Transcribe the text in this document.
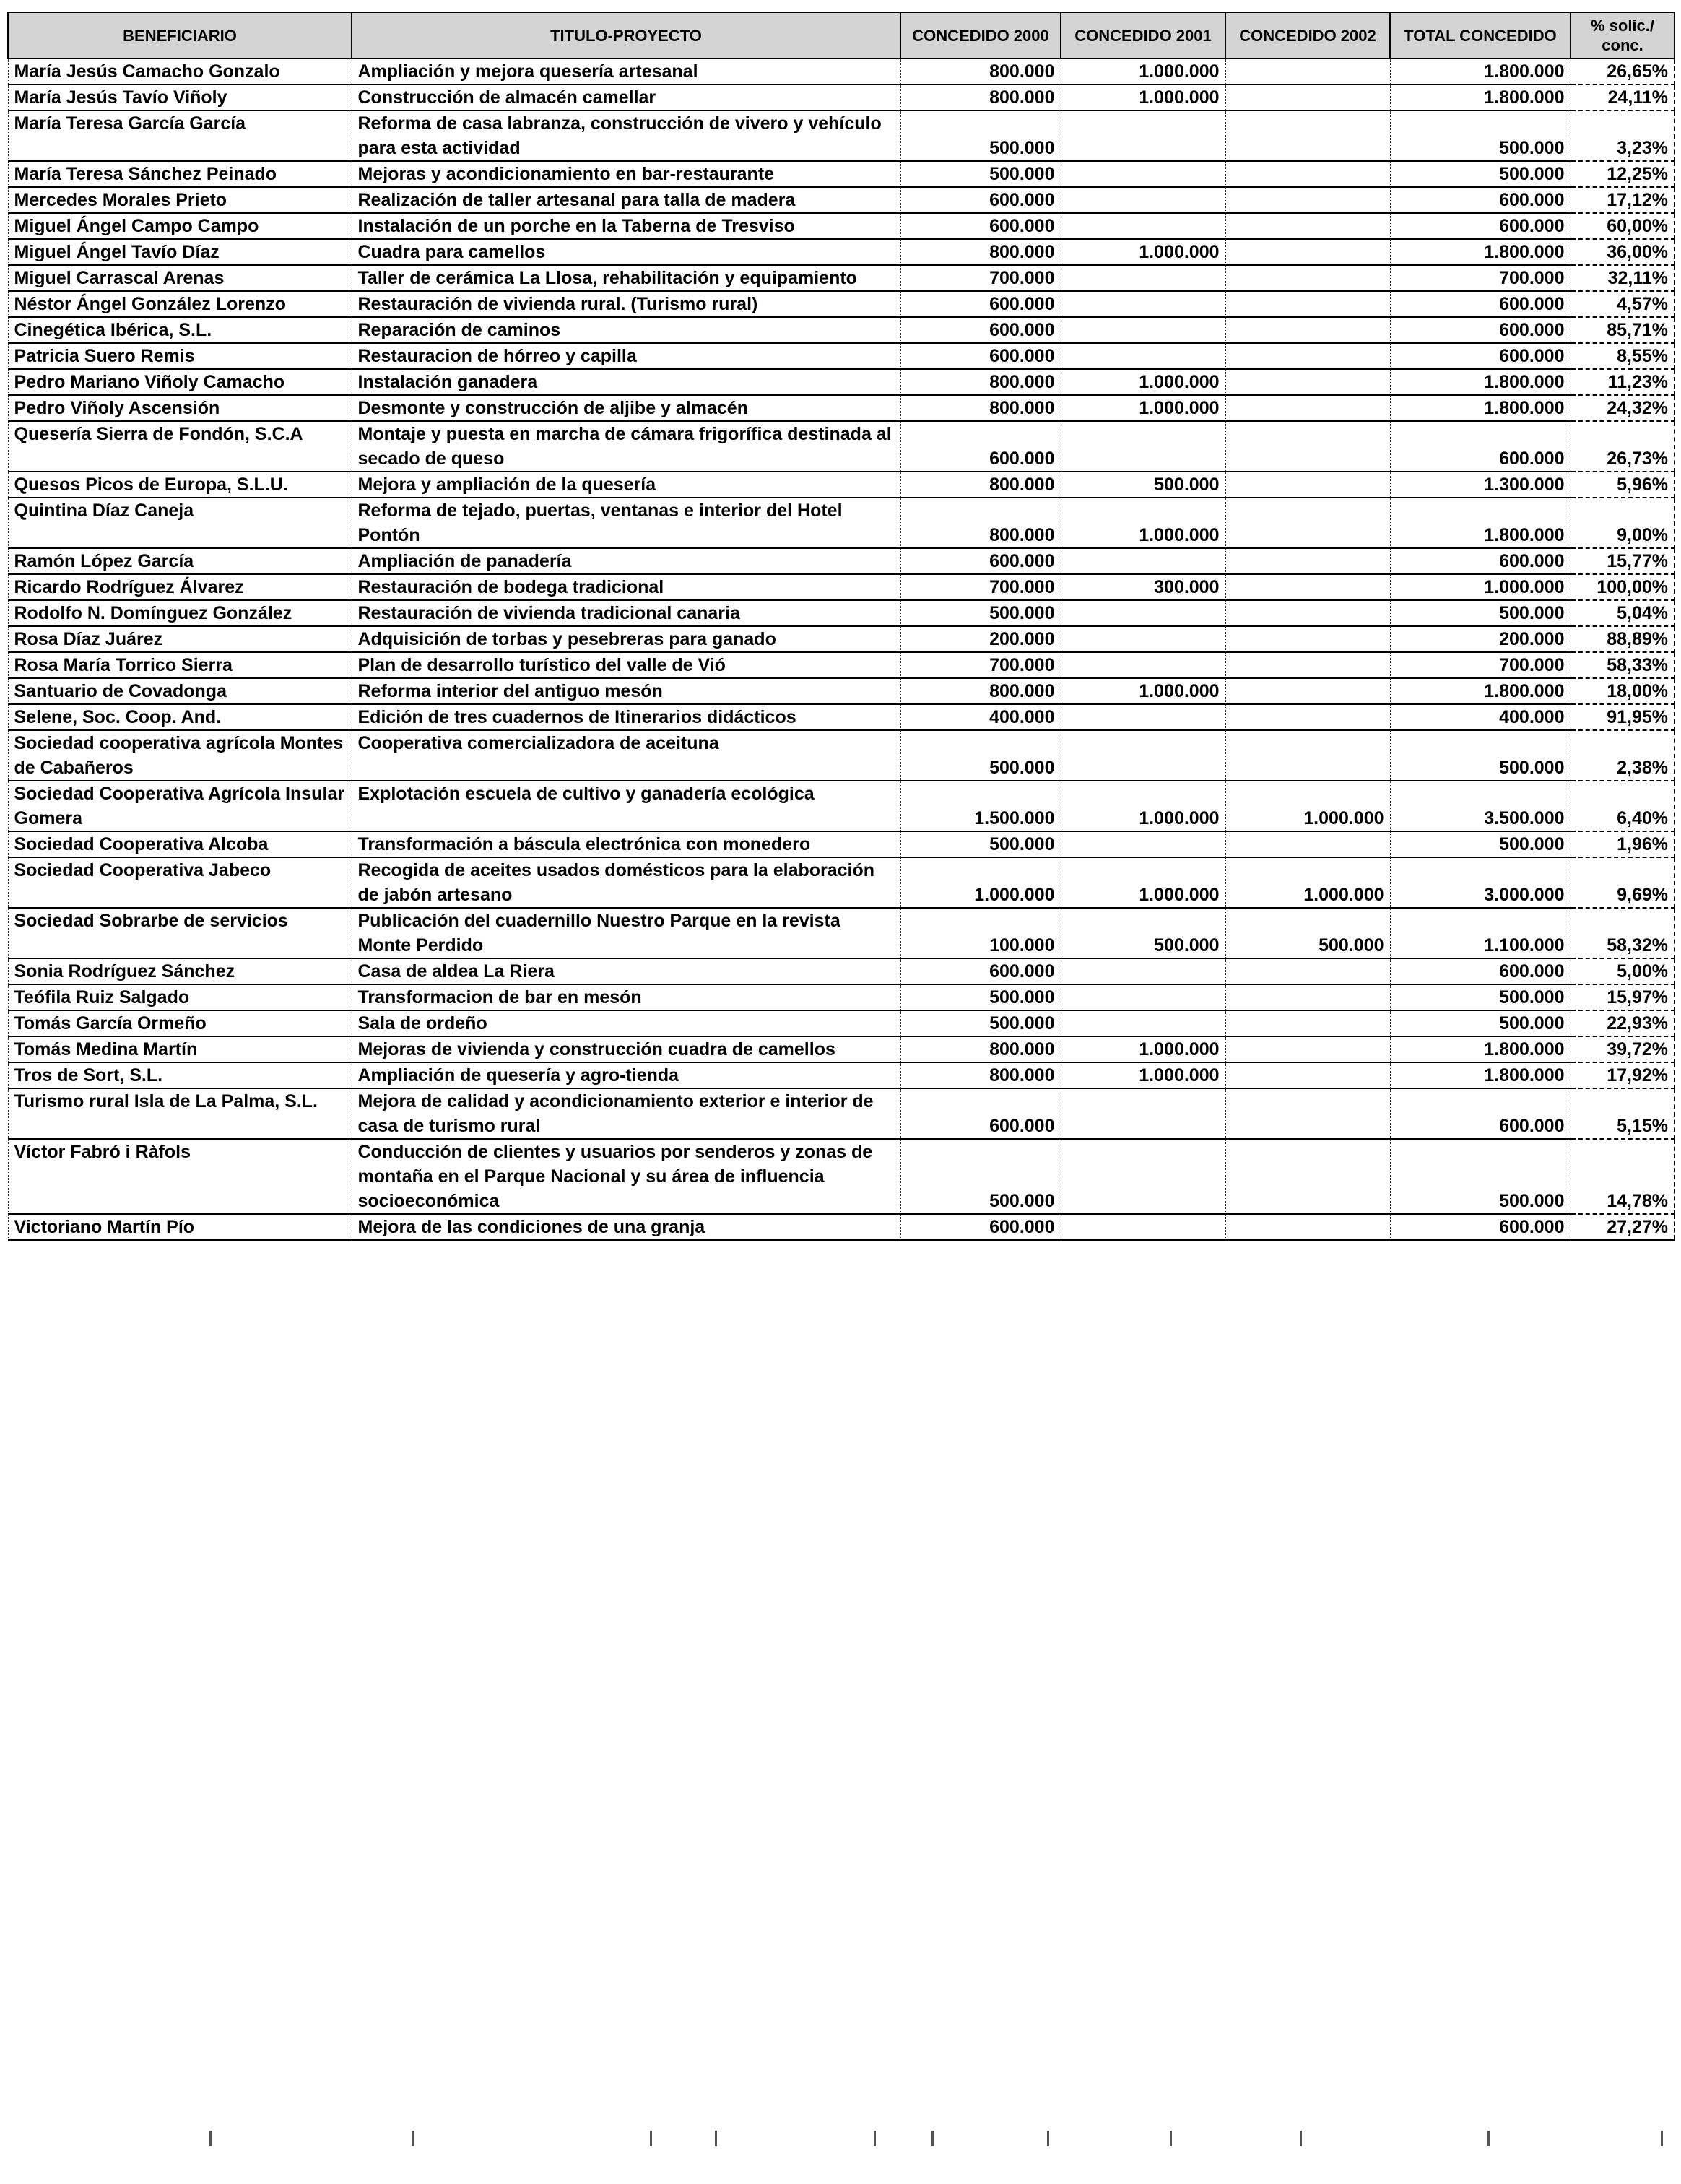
BENEFICIARIO	TITULO-PROYECTO	CONCEDIDO 2000	CONCEDIDO 2001	CONCEDIDO 2002	TOTAL CONCEDIDO	% solic./ conc.
María Jesús Camacho Gonzalo	Ampliación y mejora quesería artesanal	800.000	1.000.000		1.800.000	26,65%
María Jesús Tavío Viñoly	Construcción de almacén camellar	800.000	1.000.000		1.800.000	24,11%
María Teresa García García	Reforma de casa labranza, construcción de vivero y vehículo para esta actividad	500.000			500.000	3,23%
María Teresa Sánchez Peinado	Mejoras y acondicionamiento en bar-restaurante	500.000			500.000	12,25%
Mercedes Morales Prieto	Realización de taller artesanal para talla de madera	600.000			600.000	17,12%
Miguel Ángel Campo Campo	Instalación de un porche en la Taberna de Tresviso	600.000			600.000	60,00%
Miguel Ángel Tavío Díaz	Cuadra para camellos	800.000	1.000.000		1.800.000	36,00%
Miguel Carrascal Arenas	Taller de cerámica La Llosa, rehabilitación y equipamiento	700.000			700.000	32,11%
Néstor Ángel González Lorenzo	Restauración de vivienda rural. (Turismo rural)	600.000			600.000	4,57%
Cinegética Ibérica, S.L.	Reparación de caminos	600.000			600.000	85,71%
Patricia Suero Remis	Restauracion de hórreo y capilla	600.000			600.000	8,55%
Pedro Mariano Viñoly Camacho	Instalación ganadera	800.000	1.000.000		1.800.000	11,23%
Pedro Viñoly Ascensión	Desmonte y construcción de aljibe y almacén	800.000	1.000.000		1.800.000	24,32%
Quesería Sierra de Fondón, S.C.A	Montaje y puesta en marcha de cámara frigorífica destinada al secado de queso	600.000			600.000	26,73%
Quesos Picos de Europa, S.L.U.	Mejora y ampliación de la quesería	800.000	500.000		1.300.000	5,96%
Quintina Díaz Caneja	Reforma de tejado, puertas, ventanas e interior del Hotel Pontón	800.000	1.000.000		1.800.000	9,00%
Ramón López García	Ampliación de panadería	600.000			600.000	15,77%
Ricardo Rodríguez Álvarez	Restauración de bodega tradicional	700.000	300.000		1.000.000	100,00%
Rodolfo N. Domínguez González	Restauración de vivienda tradicional canaria	500.000			500.000	5,04%
Rosa Díaz Juárez	Adquisición de torbas y pesebreras para ganado	200.000			200.000	88,89%
Rosa María Torrico Sierra	Plan de desarrollo turístico del valle de Vió	700.000			700.000	58,33%
Santuario de Covadonga	Reforma interior del antiguo mesón	800.000	1.000.000		1.800.000	18,00%
Selene, Soc. Coop. And.	Edición de tres cuadernos de Itinerarios didácticos	400.000			400.000	91,95%
Sociedad cooperativa agrícola Montes de Cabañeros	Cooperativa comercializadora de aceituna	500.000			500.000	2,38%
Sociedad Cooperativa Agrícola Insular Gomera	Explotación escuela de cultivo y ganadería ecológica	1.500.000	1.000.000	1.000.000	3.500.000	6,40%
Sociedad Cooperativa Alcoba	Transformación a báscula electrónica con monedero	500.000			500.000	1,96%
Sociedad Cooperativa Jabeco	Recogida de aceites usados domésticos para la elaboración de jabón artesano	1.000.000	1.000.000	1.000.000	3.000.000	9,69%
Sociedad Sobrarbe de servicios	Publicación del cuadernillo Nuestro Parque en la revista Monte Perdido	100.000	500.000	500.000	1.100.000	58,32%
Sonia Rodríguez Sánchez	Casa de aldea La Riera	600.000			600.000	5,00%
Teófila Ruiz Salgado	Transformacion de bar en mesón	500.000			500.000	15,97%
Tomás García Ormeño	Sala de ordeño	500.000			500.000	22,93%
Tomás Medina Martín	Mejoras de vivienda y construcción cuadra de camellos	800.000	1.000.000		1.800.000	39,72%
Tros de Sort, S.L.	Ampliación de quesería y agro-tienda	800.000	1.000.000		1.800.000	17,92%
Turismo rural Isla de La Palma, S.L.	Mejora de calidad y acondicionamiento exterior e interior de casa de turismo rural	600.000			600.000	5,15%
Víctor Fabró i Ràfols	Conducción de clientes y usuarios por senderos y zonas de montaña en el Parque Nacional y su área de influencia socioeconómica	500.000			500.000	14,78%
Victoriano Martín Pío	Mejora de las condiciones de una granja	600.000			600.000	27,27%
